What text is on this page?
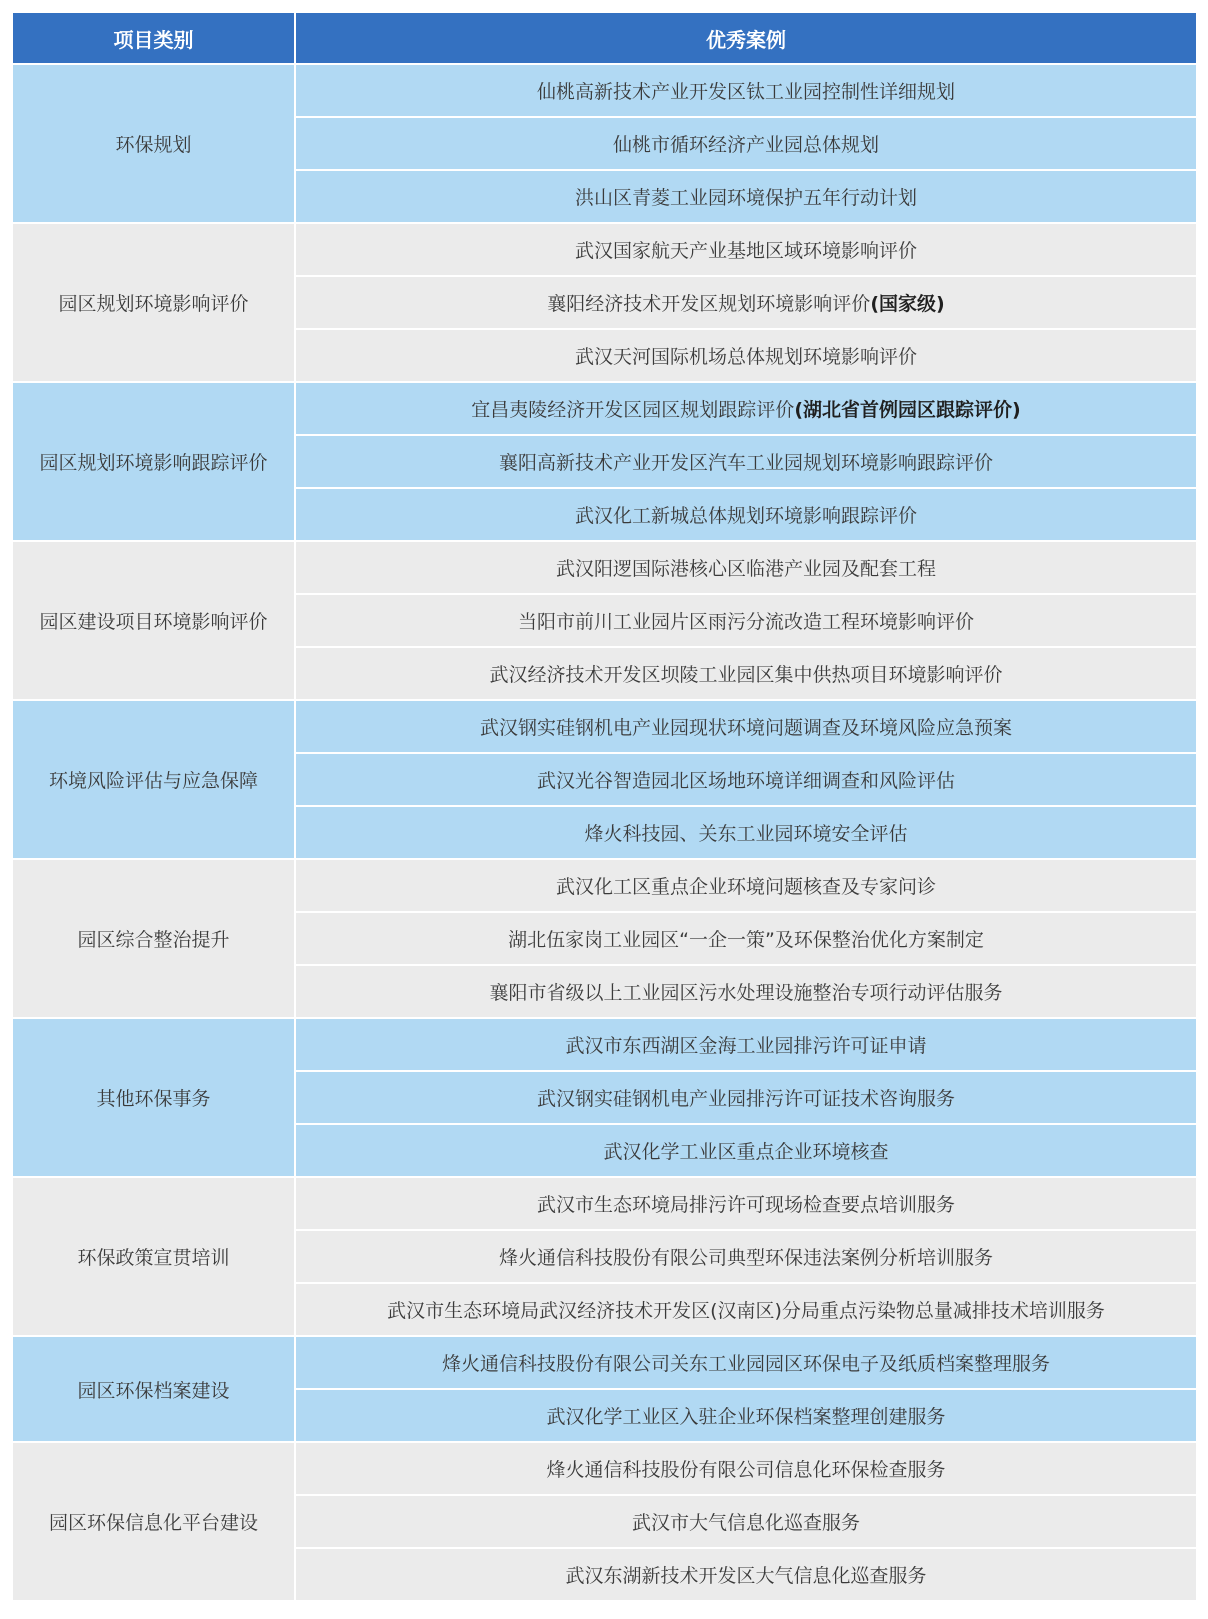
项目类别	优秀案例
环保规划	仙桃高新技术产业开发区钛工业园控制性详细规划
	仙桃市循环经济产业园总体规划
	洪山区青菱工业园环境保护五年行动计划
园区规划环境影响评价	武汉国家航天产业基地区域环境影响评价
	襄阳经济技术开发区规划环境影响评价(国家级)
	武汉天河国际机场总体规划环境影响评价
园区规划环境影响跟踪评价	宜昌夷陵经济开发区园区规划跟踪评价(湖北省首例园区跟踪评价)
	襄阳高新技术产业开发区汽车工业园规划环境影响跟踪评价
	武汉化工新城总体规划环境影响跟踪评价
园区建设项目环境影响评价	武汉阳逻国际港核心区临港产业园及配套工程
	当阳市前川工业园片区雨污分流改造工程环境影响评价
	武汉经济技术开发区坝陵工业园区集中供热项目环境影响评价
环境风险评估与应急保障	武汉钢实硅钢机电产业园现状环境问题调查及环境风险应急预案
	武汉光谷智造园北区场地环境详细调查和风险评估
	烽火科技园、关东工业园环境安全评估
园区综合整治提升	武汉化工区重点企业环境问题核查及专家问诊
	湖北伍家岗工业园区“一企一策”及环保整治优化方案制定
	襄阳市省级以上工业园区污水处理设施整治专项行动评估服务
其他环保事务	武汉市东西湖区金海工业园排污许可证申请
	武汉钢实硅钢机电产业园排污许可证技术咨询服务
	武汉化学工业区重点企业环境核查
环保政策宣贯培训	武汉市生态环境局排污许可现场检查要点培训服务
	烽火通信科技股份有限公司典型环保违法案例分析培训服务
	武汉市生态环境局武汉经济技术开发区(汉南区)分局重点污染物总量减排技术培训服务
园区环保档案建设	烽火通信科技股份有限公司关东工业园园区环保电子及纸质档案整理服务
	武汉化学工业区入驻企业环保档案整理创建服务
园区环保信息化平台建设	烽火通信科技股份有限公司信息化环保检查服务
	武汉市大气信息化巡查服务
	武汉东湖新技术开发区大气信息化巡查服务
